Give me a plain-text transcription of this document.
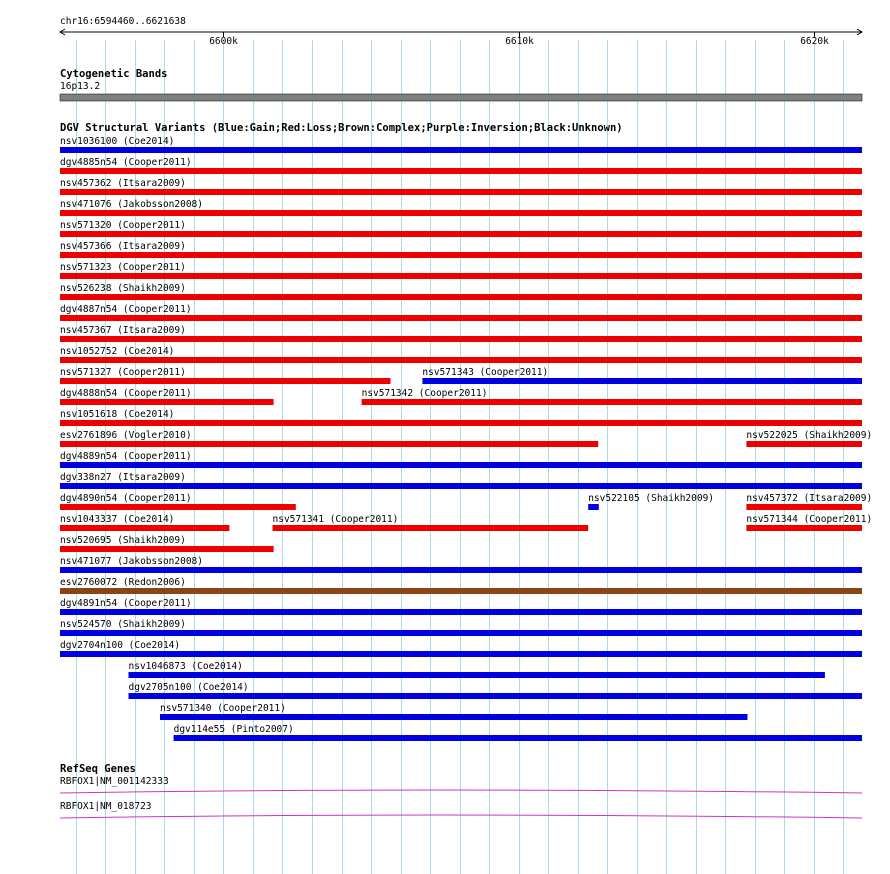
chr16:6594460..6621638
6600k	6610k	6620k
Cytogenetic Bands
16p13.2
DGV Structural Variants (Blue:Gain;Red:Loss;Brown:Complex;Purple:Inversion;Black:Unknown)
nsv1036100 (Coe2014)
dgv4885n54 (Cooper2011)
nsv457362 (Itsara2009)
nsv471076 (Jakobsson2008)
nsv571320 (Cooper2011)
nsv457366 (Itsara2009)
nsv571323 (Cooper2011)
nsv526238 (Shaikh2009)
dgv4887n54 (Cooper2011)
nsv457367 (Itsara2009)
nsv1052752 (Coe2014)
nsv571327 (Cooper2011)	nsv571343 (Cooper2011)
dgv4888n54 (Cooper2011)	nsv571342 (Cooper2011)
nsv1051618 (Coe2014)
esv2761896 (Vogler2010)	nsv522025 (Shaikh2009)
dgv4889n54 (Cooper2011)
dgv338n27 (Itsara2009)
dgv4890n54 (Cooper2011)	nsv522105 (Shaikh2009)	nsv457372 (Itsara2009)
nsv1043337 (Coe2014)	nsv571341 (Cooper2011)	nsv571344 (Cooper2011)
nsv520695 (Shaikh2009)
nsv471077 (Jakobsson2008)
esv2760072 (Redon2006)
dgv4891n54 (Cooper2011)
nsv524570 (Shaikh2009)
dgv2704n100 (Coe2014)
nsv1046873 (Coe2014)
dgv2705n100 (Coe2014)
nsv571340 (Cooper2011)
dgv114e55 (Pinto2007)
RefSeq Genes
RBFOX1|NM_001142333
RBFOX1|NM_018723
